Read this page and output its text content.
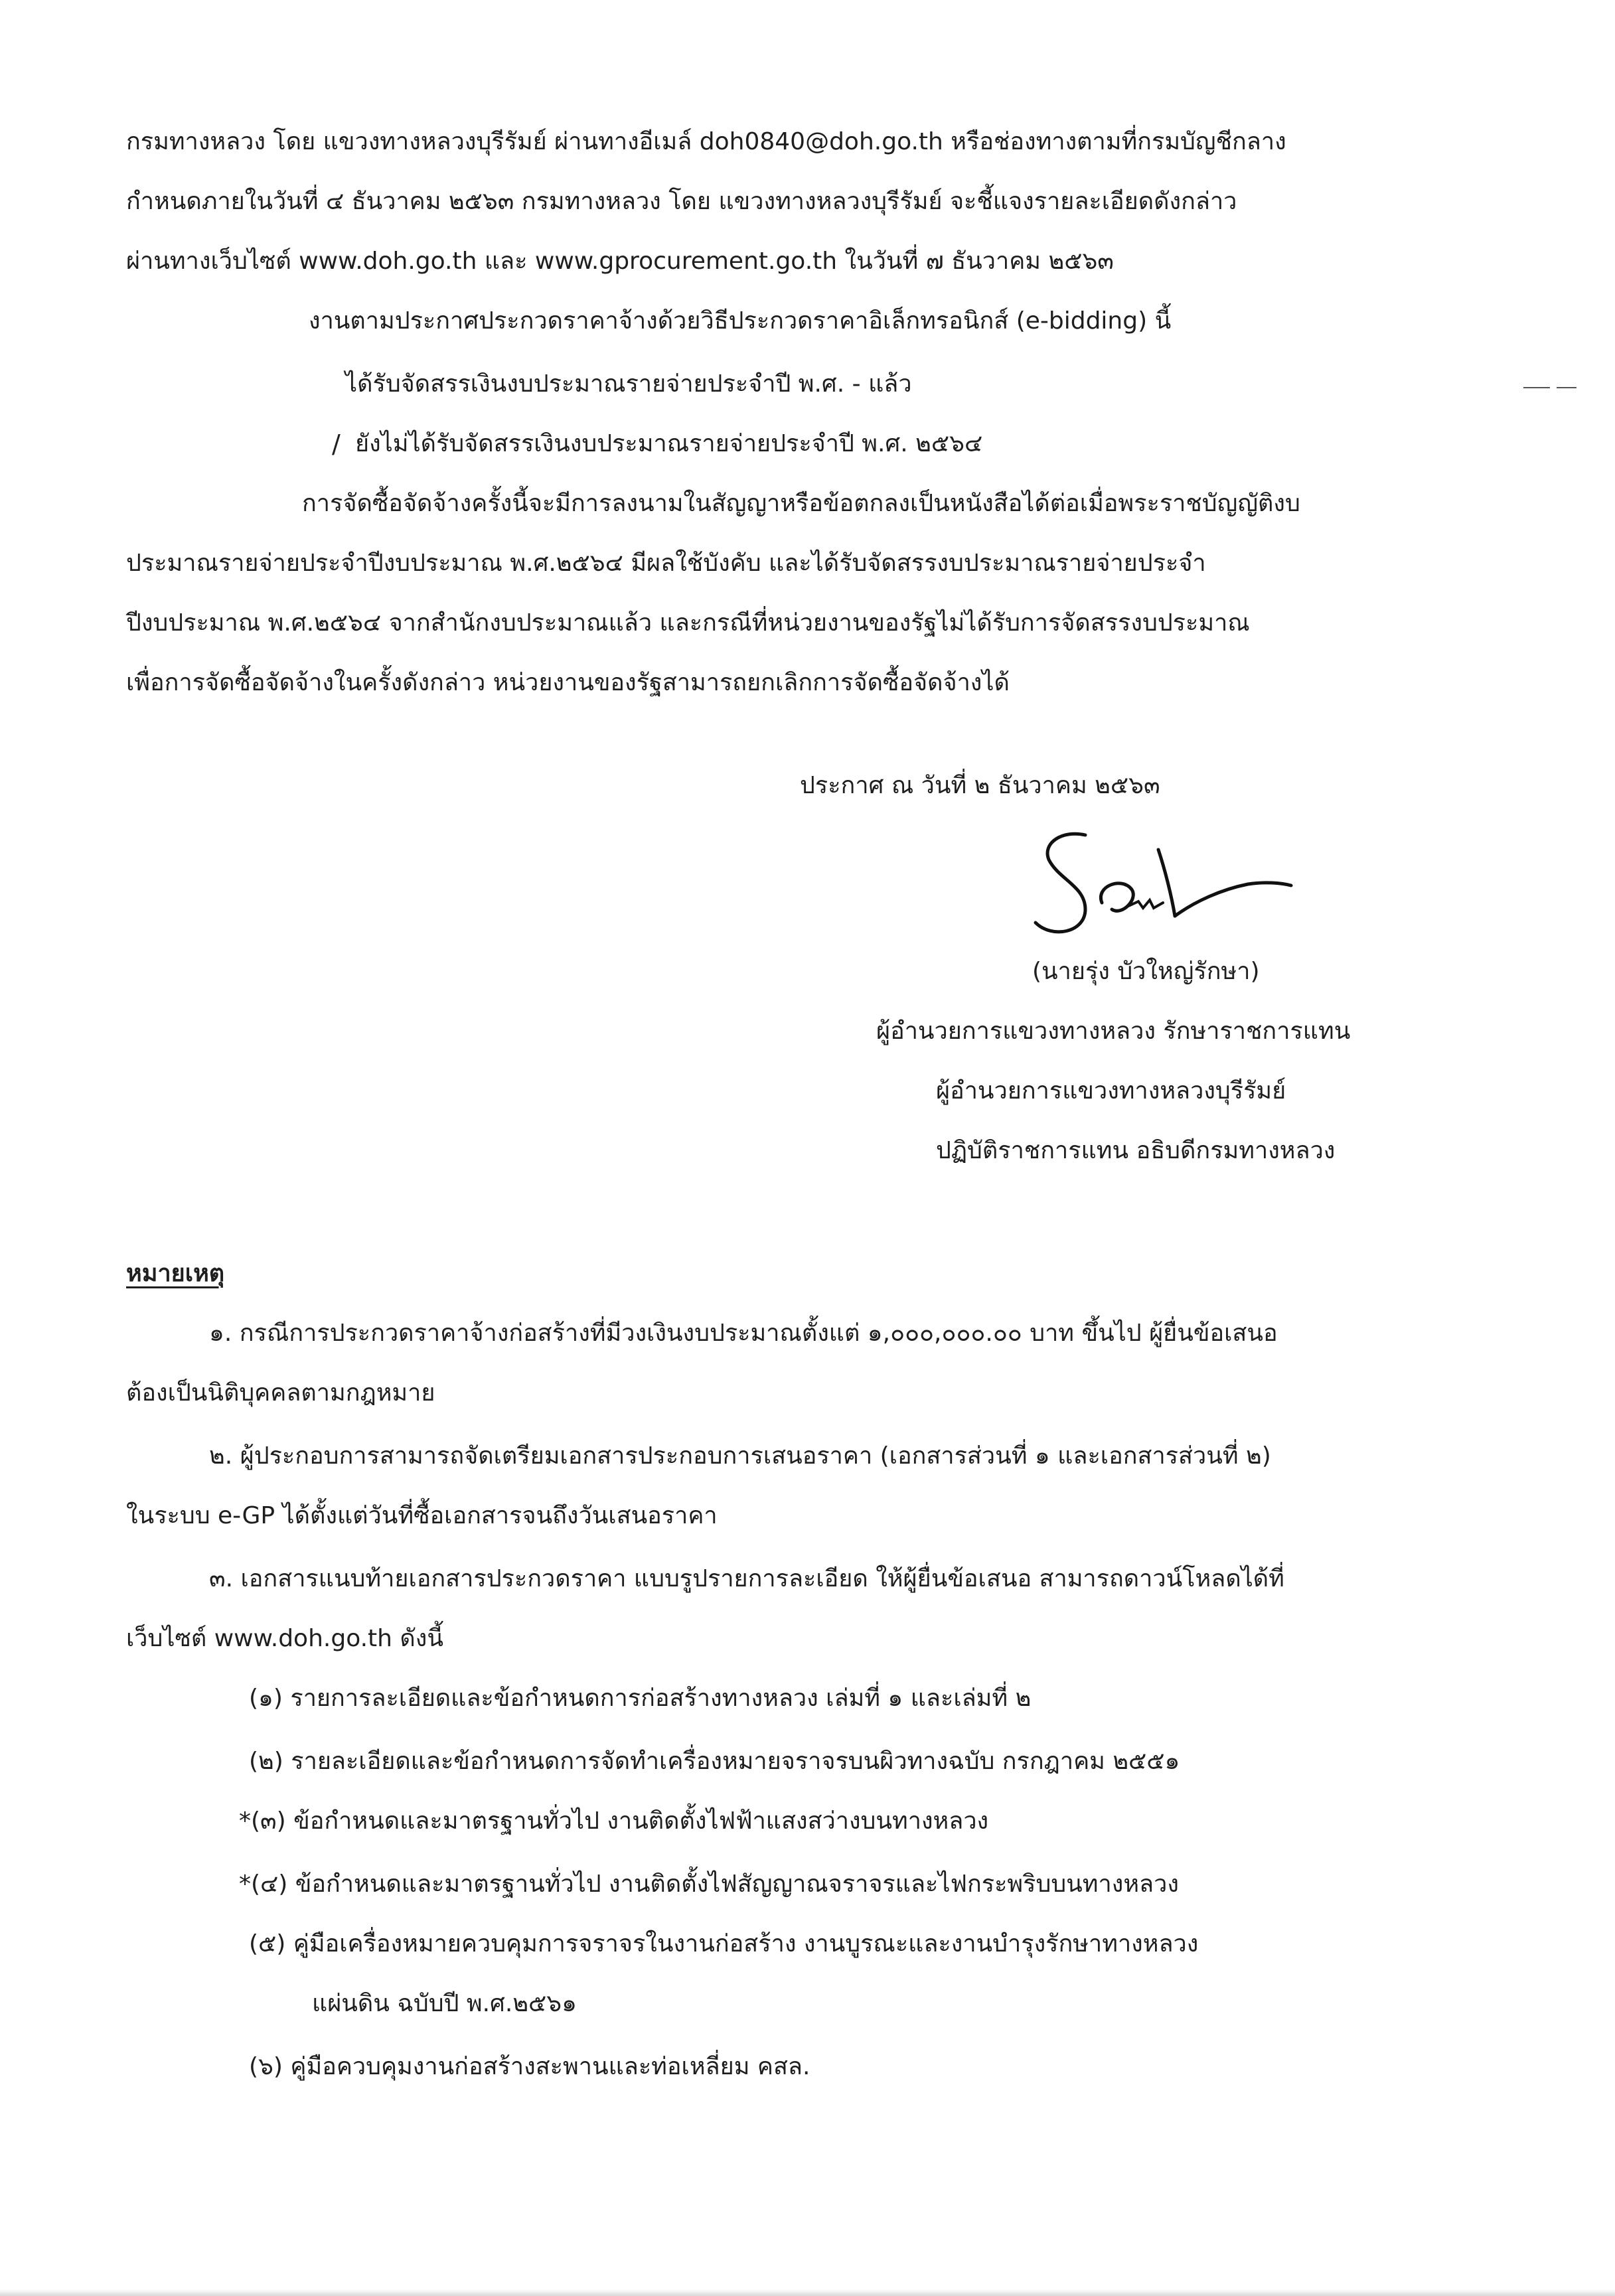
กรมทางหลวง โดย แขวงทางหลวงบุรีรัมย์ ผ่านทางอีเมล์ doh0840@doh.go.th หรือช่องทางตามที่กรมบัญชีกลาง
กำหนดภายในวันที่ ๔ ธันวาคม ๒๕๖๓ กรมทางหลวง โดย แขวงทางหลวงบุรีรัมย์ จะชี้แจงรายละเอียดดังกล่าว
ผ่านทางเว็บไซต์ www.doh.go.th และ www.gprocurement.go.th ในวันที่ ๗ ธันวาคม ๒๕๖๓
งานตามประกาศประกวดราคาจ้างด้วยวิธีประกวดราคาอิเล็กทรอนิกส์ (e-bidding) นี้
ได้รับจัดสรรเงินงบประมาณรายจ่ายประจำปี พ.ศ. - แล้ว
/ ยังไม่ได้รับจัดสรรเงินงบประมาณรายจ่ายประจำปี พ.ศ. ๒๕๖๔
การจัดซื้อจัดจ้างครั้งนี้จะมีการลงนามในสัญญาหรือข้อตกลงเป็นหนังสือได้ต่อเมื่อพระราชบัญญัติงบ
ประมาณรายจ่ายประจำปีงบประมาณ พ.ศ.๒๕๖๔ มีผลใช้บังคับ และได้รับจัดสรรงบประมาณรายจ่ายประจำ
ปีงบประมาณ พ.ศ.๒๕๖๔ จากสำนักงบประมาณแล้ว และกรณีที่หน่วยงานของรัฐไม่ได้รับการจัดสรรงบประมาณ
เพื่อการจัดซื้อจัดจ้างในครั้งดังกล่าว หน่วยงานของรัฐสามารถยกเลิกการจัดซื้อจัดจ้างได้
ประกาศ ณ วันที่ ๒ ธันวาคม ๒๕๖๓
(นายรุ่ง บัวใหญ่รักษา)
ผู้อำนวยการแขวงทางหลวง รักษาราชการแทน
ผู้อำนวยการแขวงทางหลวงบุรีรัมย์
ปฏิบัติราชการแทน อธิบดีกรมทางหลวง
หมายเหตุ
๑. กรณีการประกวดราคาจ้างก่อสร้างที่มีวงเงินงบประมาณตั้งแต่ ๑,๐๐๐,๐๐๐.๐๐ บาท ขึ้นไป ผู้ยื่นข้อเสนอ
ต้องเป็นนิติบุคคลตามกฎหมาย
๒. ผู้ประกอบการสามารถจัดเตรียมเอกสารประกอบการเสนอราคา (เอกสารส่วนที่ ๑ และเอกสารส่วนที่ ๒)
ในระบบ e-GP ได้ตั้งแต่วันที่ซื้อเอกสารจนถึงวันเสนอราคา
๓. เอกสารแนบท้ายเอกสารประกวดราคา แบบรูปรายการละเอียด ให้ผู้ยื่นข้อเสนอ สามารถดาวน์โหลดได้ที่
เว็บไซต์ www.doh.go.th ดังนี้
(๑) รายการละเอียดและข้อกำหนดการก่อสร้างทางหลวง เล่มที่ ๑ และเล่มที่ ๒
(๒) รายละเอียดและข้อกำหนดการจัดทำเครื่องหมายจราจรบนผิวทางฉบับ กรกฎาคม ๒๕๕๑
*(๓) ข้อกำหนดและมาตรฐานทั่วไป งานติดตั้งไฟฟ้าแสงสว่างบนทางหลวง
*(๔) ข้อกำหนดและมาตรฐานทั่วไป งานติดตั้งไฟสัญญาณจราจรและไฟกระพริบบนทางหลวง
(๕) คู่มือเครื่องหมายควบคุมการจราจรในงานก่อสร้าง งานบูรณะและงานบำรุงรักษาทางหลวง
แผ่นดิน ฉบับปี พ.ศ.๒๕๖๑
(๖) คู่มือควบคุมงานก่อสร้างสะพานและท่อเหลี่ยม คสล.
